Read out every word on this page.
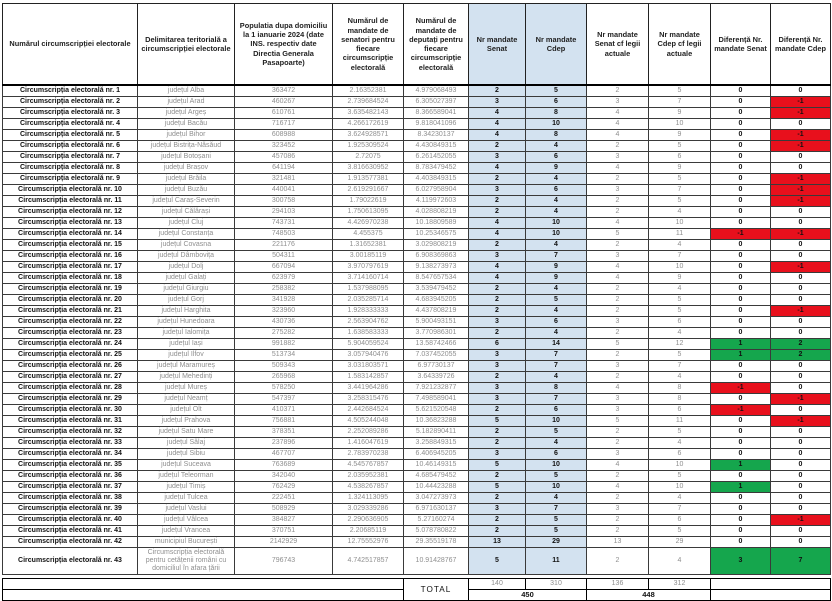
Numărul circumscripției electorale	Delimitarea teritorială a circumscripției electorale	Populatia dupa domiciliu la 1 ianuarie 2024 (date INS. respectiv date Directia Generala Pasapoarte)	Numărul de mandate de senatori pentru fiecare circumscripție electorală	Numărul de mandate de deputați pentru fiecare circumscripție electorală	Nr mandate Senat	Nr mandate Cdep	Nr mandate Senat cf legii actuale	Nr mandate Cdep cf legii actuale	Diferență Nr. mandate Senat	Diferență Nr. mandate Cdep
Circumscripția electorală nr. 1	județul Alba	363472	2.16352381	4.979068493	2	5	2	5	0	0
Circumscripția electorală nr. 2	județul Arad	460267	2.739684524	6.305027397	3	6	3	7	0	-1
Circumscripția electorală nr. 3	județul Argeș	610761	3.635482143	8.366589041	4	8	4	9	0	-1
Circumscripția electorală nr. 4	județul Bacău	716717	4.266172619	9.818041096	4	10	4	10	0	0
Circumscripția electorală nr. 5	județul Bihor	608988	3.624928571	8.34230137	4	8	4	9	0	-1
Circumscripția electorală nr. 6	județul Bistrița-Năsăud	323452	1.925309524	4.430849315	2	4	2	5	0	-1
Circumscripția electorală nr. 7	județul Botoșani	457086	2.72075	6.261452055	3	6	3	6	0	0
Circumscripția electorală nr. 8	județul Brașov	641194	3.816630952	8.783479452	4	9	4	9	0	0
Circumscripția electorală nr. 9	județul Brăila	321481	1.913577381	4.403849315	2	4	2	5	0	-1
Circumscripția electorală nr. 10	județul Buzău	440041	2.619291667	6.027958904	3	6	3	7	0	-1
Circumscripția electorală nr. 11	județul Caraș-Severin	300758	1.79022619	4.119972603	2	4	2	5	0	-1
Circumscripția electorală nr. 12	județul Călărași	294103	1.750613095	4.028808219	2	4	2	4	0	0
Circumscripția electorală nr. 13	județul Cluj	743731	4.426970238	10.18809589	4	10	4	10	0	0
Circumscripția electorală nr. 14	județul Constanța	748503	4.455375	10.25346575	4	10	5	11	-1	-1
Circumscripția electorală nr. 15	județul Covasna	221176	1.31652381	3.029808219	2	4	2	4	0	0
Circumscripția electorală nr. 16	județul Dâmbovița	504311	3.00185119	6.908369863	3	7	3	7	0	0
Circumscripția electorală nr. 17	județul Dolj	667094	3.970797619	9.138273973	4	9	4	10	0	-1
Circumscripția electorală nr. 18	județul Galați	623979	3.714160714	8.547657534	4	9	4	9	0	0
Circumscripția electorală nr. 19	județul Giurgiu	258382	1.537988095	3.539479452	2	4	2	4	0	0
Circumscripția electorală nr. 20	județul Gorj	341928	2.035285714	4.683945205	2	5	2	5	0	0
Circumscripția electorală nr. 21	județul Harghita	323960	1.928333333	4.437808219	2	4	2	5	0	-1
Circumscripția electorală nr. 22	județul Hunedoara	430736	2.563904762	5.900493151	3	6	3	6	0	0
Circumscripția electorală nr. 23	județul Ialomița	275282	1.638583333	3.770986301	2	4	2	4	0	0
Circumscripția electorală nr. 24	județul Iași	991882	5.904059524	13.58742466	6	14	5	12	1	2
Circumscripția electorală nr. 25	județul Ilfov	513734	3.057940476	7.037452055	3	7	2	5	1	2
Circumscripția electorală nr. 26	județul Maramureș	509343	3.031803571	6.97730137	3	7	3	7	0	0
Circumscripția electorală nr. 27	județul Mehedinți	265968	1.583142857	3.64339726	2	4	2	4	0	0
Circumscripția electorală nr. 28	județul Mureș	578250	3.441964286	7.921232877	3	8	4	8	-1	0
Circumscripția electorală nr. 29	județul Neamț	547397	3.258315476	7.498589041	3	7	3	8	0	-1
Circumscripția electorală nr. 30	județul Olt	410371	2.442684524	5.621520548	2	6	3	6	-1	0
Circumscripția electorală nr. 31	județul Prahova	756881	4.505244048	10.36823288	5	10	5	11	0	-1
Circumscripția electorală nr. 32	județul Satu Mare	378351	2.252089286	5.182890411	2	5	2	5	0	0
Circumscripția electorală nr. 33	județul Sălaj	237896	1.416047619	3.258849315	2	4	2	4	0	0
Circumscripția electorală nr. 34	județul Sibiu	467707	2.783970238	6.406945205	3	6	3	6	0	0
Circumscripția electorală nr. 35	județul Suceava	763689	4.545767857	10.46149315	5	10	4	10	1	0
Circumscripția electorală nr. 36	județul Teleorman	342040	2.035952381	4.685479452	2	5	2	5	0	0
Circumscripția electorală nr. 37	județul Timiș	762429	4.538267857	10.44423288	5	10	4	10	1	0
Circumscripția electorală nr. 38	județul Tulcea	222451	1.324113095	3.047273973	2	4	2	4	0	0
Circumscripția electorală nr. 39	județul Vaslui	508929	3.029339286	6.971630137	3	7	3	7	0	0
Circumscripția electorală nr. 40	județul Vâlcea	384827	2.290636905	5.27160274	2	5	2	6	0	-1
Circumscripția electorală nr. 41	județul Vrancea	370751	2.20685119	5.078780822	2	5	2	5	0	0
Circumscripția electorală nr. 42	municipiul București	2142929	12.75552976	29.35519178	13	29	13	29	0	0
Circumscripția electorală nr. 43	Circumscripția electorală pentru cetățenii români cu domiciliul în afara țării	796743	4.742517857	10.91428767	5	11	2	4	3	7

				TOTAL	140	310	136	312		
					450		448			
